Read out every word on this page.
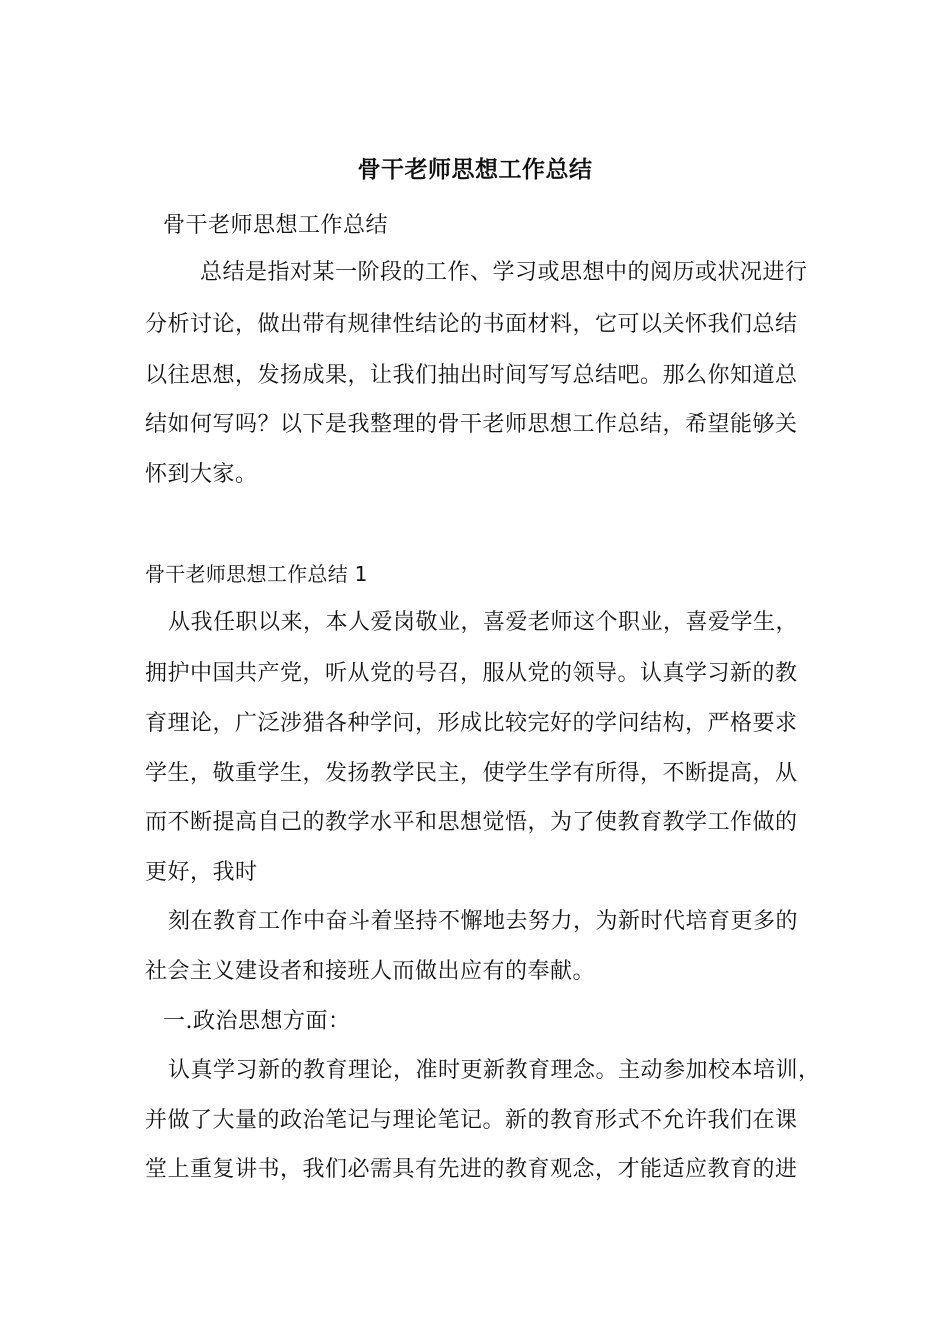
骨干老师思想工作总结

骨干老师思想工作总结

总结是指对某一阶段的工作、学习或思想中的阅历或状况进行

分析讨论，做出带有规律性结论的书面材料，它可以关怀我们总结

以往思想，发扬成果，让我们抽出时间写写总结吧。那么你知道总

结如何写吗？以下是我整理的骨干老师思想工作总结，希望能够关

怀到大家。

骨干老师思想工作总结 1

从我任职以来，本人爱岗敬业，喜爱老师这个职业，喜爱学生，

拥护中国共产党，听从党的号召，服从党的领导。认真学习新的教

育理论，广泛涉猎各种学问，形成比较完好的学问结构，严格要求

学生，敬重学生，发扬教学民主，使学生学有所得，不断提高，从

而不断提高自己的教学水平和思想觉悟，为了使教育教学工作做的

更好，我时

刻在教育工作中奋斗着坚持不懈地去努力，为新时代培育更多的

社会主义建设者和接班人而做出应有的奉献。

一.政治思想方面：

认真学习新的教育理论，准时更新教育理念。主动参加校本培训，

并做了大量的政治笔记与理论笔记。新的教育形式不允许我们在课

堂上重复讲书，我们必需具有先进的教育观念，才能适应教育的进
